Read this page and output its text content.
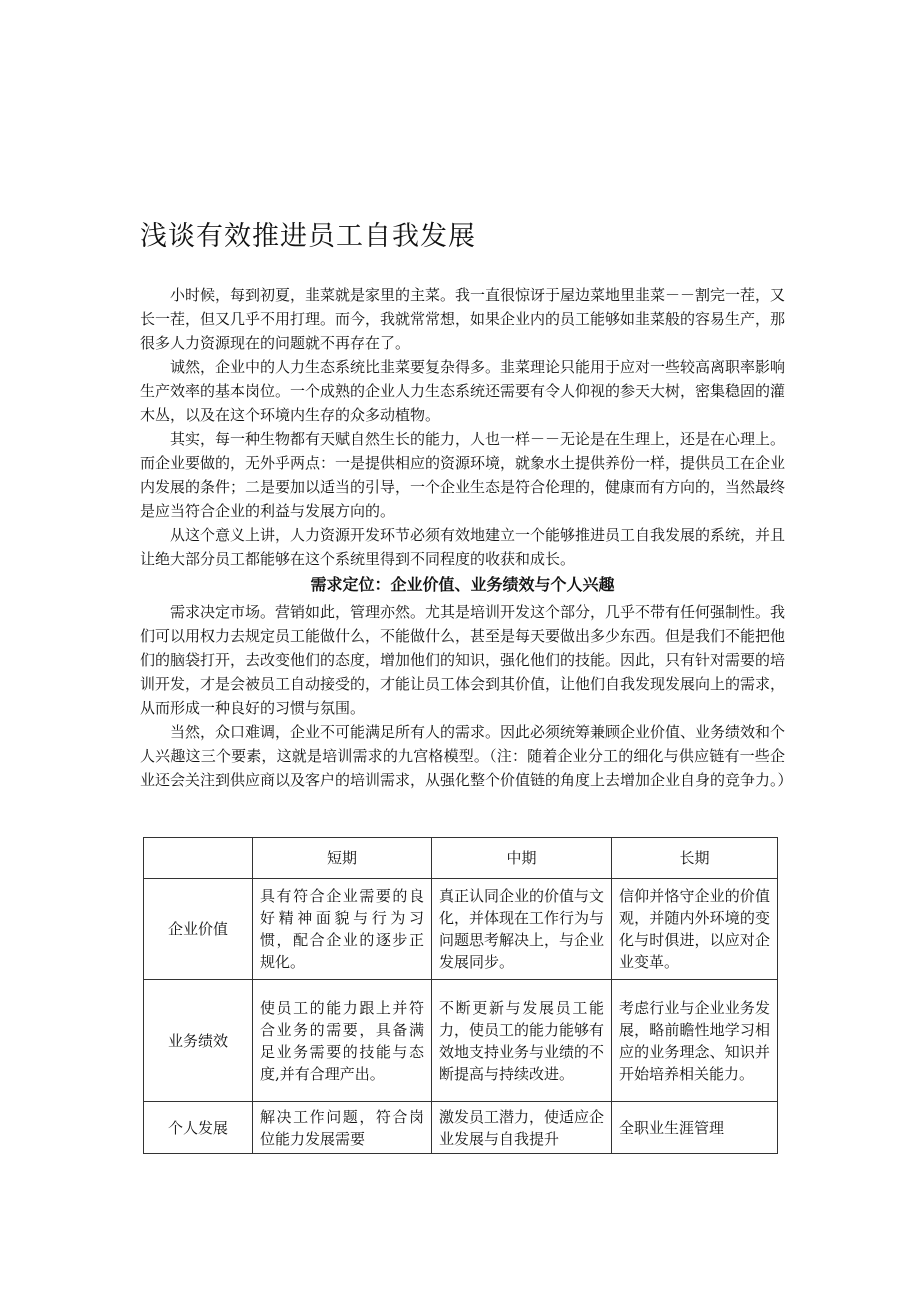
浅谈有效推进员工自我发展

小时候，每到初夏，韭菜就是家里的主菜。我一直很惊讶于屋边菜地里韭菜－－割完一茬，又长一茬，但又几乎不用打理。而今，我就常常想，如果企业内的员工能够如韭菜般的容易生产，那很多人力资源现在的问题就不再存在了。

诚然，企业中的人力生态系统比韭菜要复杂得多。韭菜理论只能用于应对一些较高离职率影响生产效率的基本岗位。一个成熟的企业人力生态系统还需要有令人仰视的参天大树，密集稳固的灌木丛，以及在这个环境内生存的众多动植物。

其实，每一种生物都有天赋自然生长的能力，人也一样－－无论是在生理上，还是在心理上。而企业要做的，无外乎两点：一是提供相应的资源环境，就象水土提供养份一样，提供员工在企业内发展的条件；二是要加以适当的引导，一个企业生态是符合伦理的，健康而有方向的，当然最终是应当符合企业的利益与发展方向的。

从这个意义上讲，人力资源开发环节必须有效地建立一个能够推进员工自我发展的系统，并且让绝大部分员工都能够在这个系统里得到不同程度的收获和成长。

需求定位：企业价值、业务绩效与个人兴趣

需求决定市场。营销如此，管理亦然。尤其是培训开发这个部分，几乎不带有任何强制性。我们可以用权力去规定员工能做什么，不能做什么，甚至是每天要做出多少东西。但是我们不能把他们的脑袋打开，去改变他们的态度，增加他们的知识，强化他们的技能。因此，只有针对需要的培训开发，才是会被员工自动接受的，才能让员工体会到其价值，让他们自我发现发展向上的需求，从而形成一种良好的习惯与氛围。

当然，众口难调，企业不可能满足所有人的需求。因此必须统筹兼顾企业价值、业务绩效和个人兴趣这三个要素，这就是培训需求的九宫格模型。（注：随着企业分工的细化与供应链有一些企业还会关注到供应商以及客户的培训需求，从强化整个价值链的角度上去增加企业自身的竞争力。）

	短期	中期	长期
企业价值	具有符合企业需要的良好精神面貌与行为习惯，配合企业的逐步正规化。	真正认同企业的价值与文化，并体现在工作行为与问题思考解决上，与企业发展同步。	信仰并恪守企业的价值观，并随内外环境的变化与时俱进，以应对企业变革。
业务绩效	使员工的能力跟上并符合业务的需要，具备满足业务需要的技能与态度,并有合理产出。	不断更新与发展员工能力，使员工的能力能够有效地支持业务与业绩的不断提高与持续改进。	考虑行业与企业业务发展，略前瞻性地学习相应的业务理念、知识并开始培养相关能力。
个人发展	解决工作问题，符合岗位能力发展需要	激发员工潜力，使适应企业发展与自我提升	全职业生涯管理
